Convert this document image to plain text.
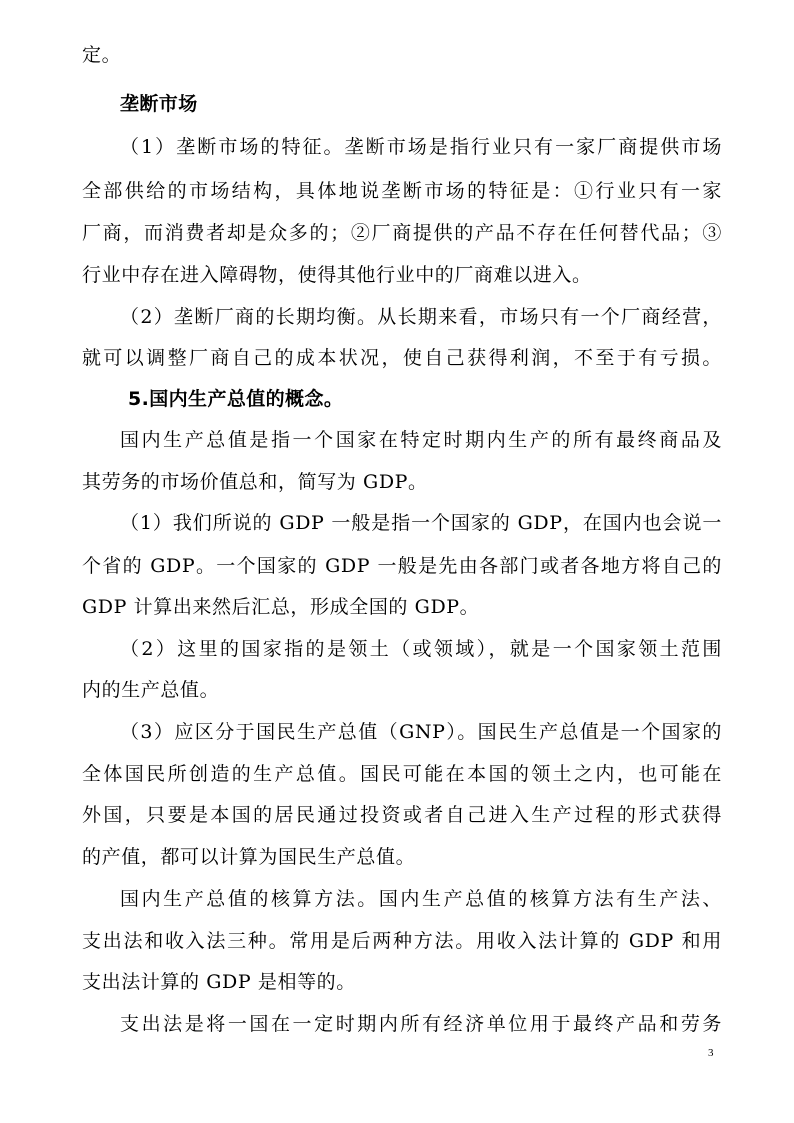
定。
垄断市场
（1）垄断市场的特征。垄断市场是指行业只有一家厂商提供市场
全部供给的市场结构，具体地说垄断市场的特征是：①行业只有一家
厂商，而消费者却是众多的；②厂商提供的产品不存在任何替代品；③
行业中存在进入障碍物，使得其他行业中的厂商难以进入。
（2）垄断厂商的长期均衡。从长期来看，市场只有一个厂商经营，
就可以调整厂商自己的成本状况，使自己获得利润，不至于有亏损。
5.国内生产总值的概念。
国内生产总值是指一个国家在特定时期内生产的所有最终商品及
其劳务的市场价值总和，简写为 GDP。
（1）我们所说的 GDP 一般是指一个国家的 GDP，在国内也会说一
个省的 GDP。一个国家的 GDP 一般是先由各部门或者各地方将自己的
GDP 计算出来然后汇总，形成全国的 GDP。
（2）这里的国家指的是领土（或领域），就是一个国家领土范围
内的生产总值。
（3）应区分于国民生产总值（GNP）。国民生产总值是一个国家的
全体国民所创造的生产总值。国民可能在本国的领土之内，也可能在
外国，只要是本国的居民通过投资或者自己进入生产过程的形式获得
的产值，都可以计算为国民生产总值。
国内生产总值的核算方法。国内生产总值的核算方法有生产法、
支出法和收入法三种。常用是后两种方法。用收入法计算的 GDP 和用
支出法计算的 GDP 是相等的。
支出法是将一国在一定时期内所有经济单位用于最终产品和劳务
3
